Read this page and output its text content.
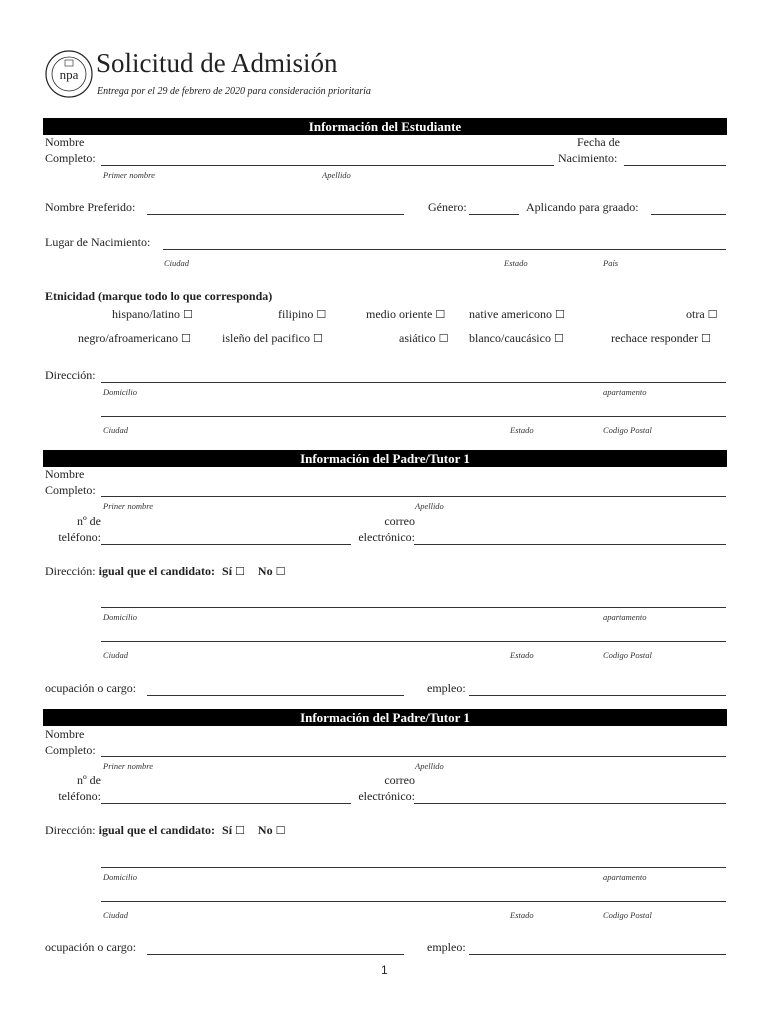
npa Solicitud de Admisión
Entrega por el 29 de febrero de 2020 para consideración prioritaria
Información del Estudiante
Nombre
Completo:
Fecha de
Nacimiento:
Primer nombre	Apellido
Nombre Preferido:	Género:	Aplicando para graado:
Lugar de Nacimiento:
Ciudad	Estado	País
Etnicidad (marque todo lo que corresponda)
hispano/latino ☐	filipino ☐	medio oriente ☐ native americono ☐	otra ☐
negro/afroamericano ☐	isleño del pacifico ☐	asiático ☐ blanco/caucásico ☐	rechace responder ☐
Dirección:
Domicilio	apartamento
Ciudad	Estado	Codigo Postal
Información del Padre/Tutor 1
Nombre
Completo:
Priner nombre	Apellido
nº de
teléfono:
correo
electrónico:
Dirección: igual que el candidato: Sí ☐ No ☐
Domicilio	apartamento
Ciudad	Estado	Codigo Postal
ocupación o cargo:	empleo:
Información del Padre/Tutor 1
Nombre
Completo:
Priner nombre	Apellido
nº de
teléfono:
correo
electrónico:
Dirección: igual que el candidato: Sí ☐ No ☐
Domicilio	apartamento
Ciudad	Estado	Codigo Postal
ocupación o cargo:	empleo:
1
